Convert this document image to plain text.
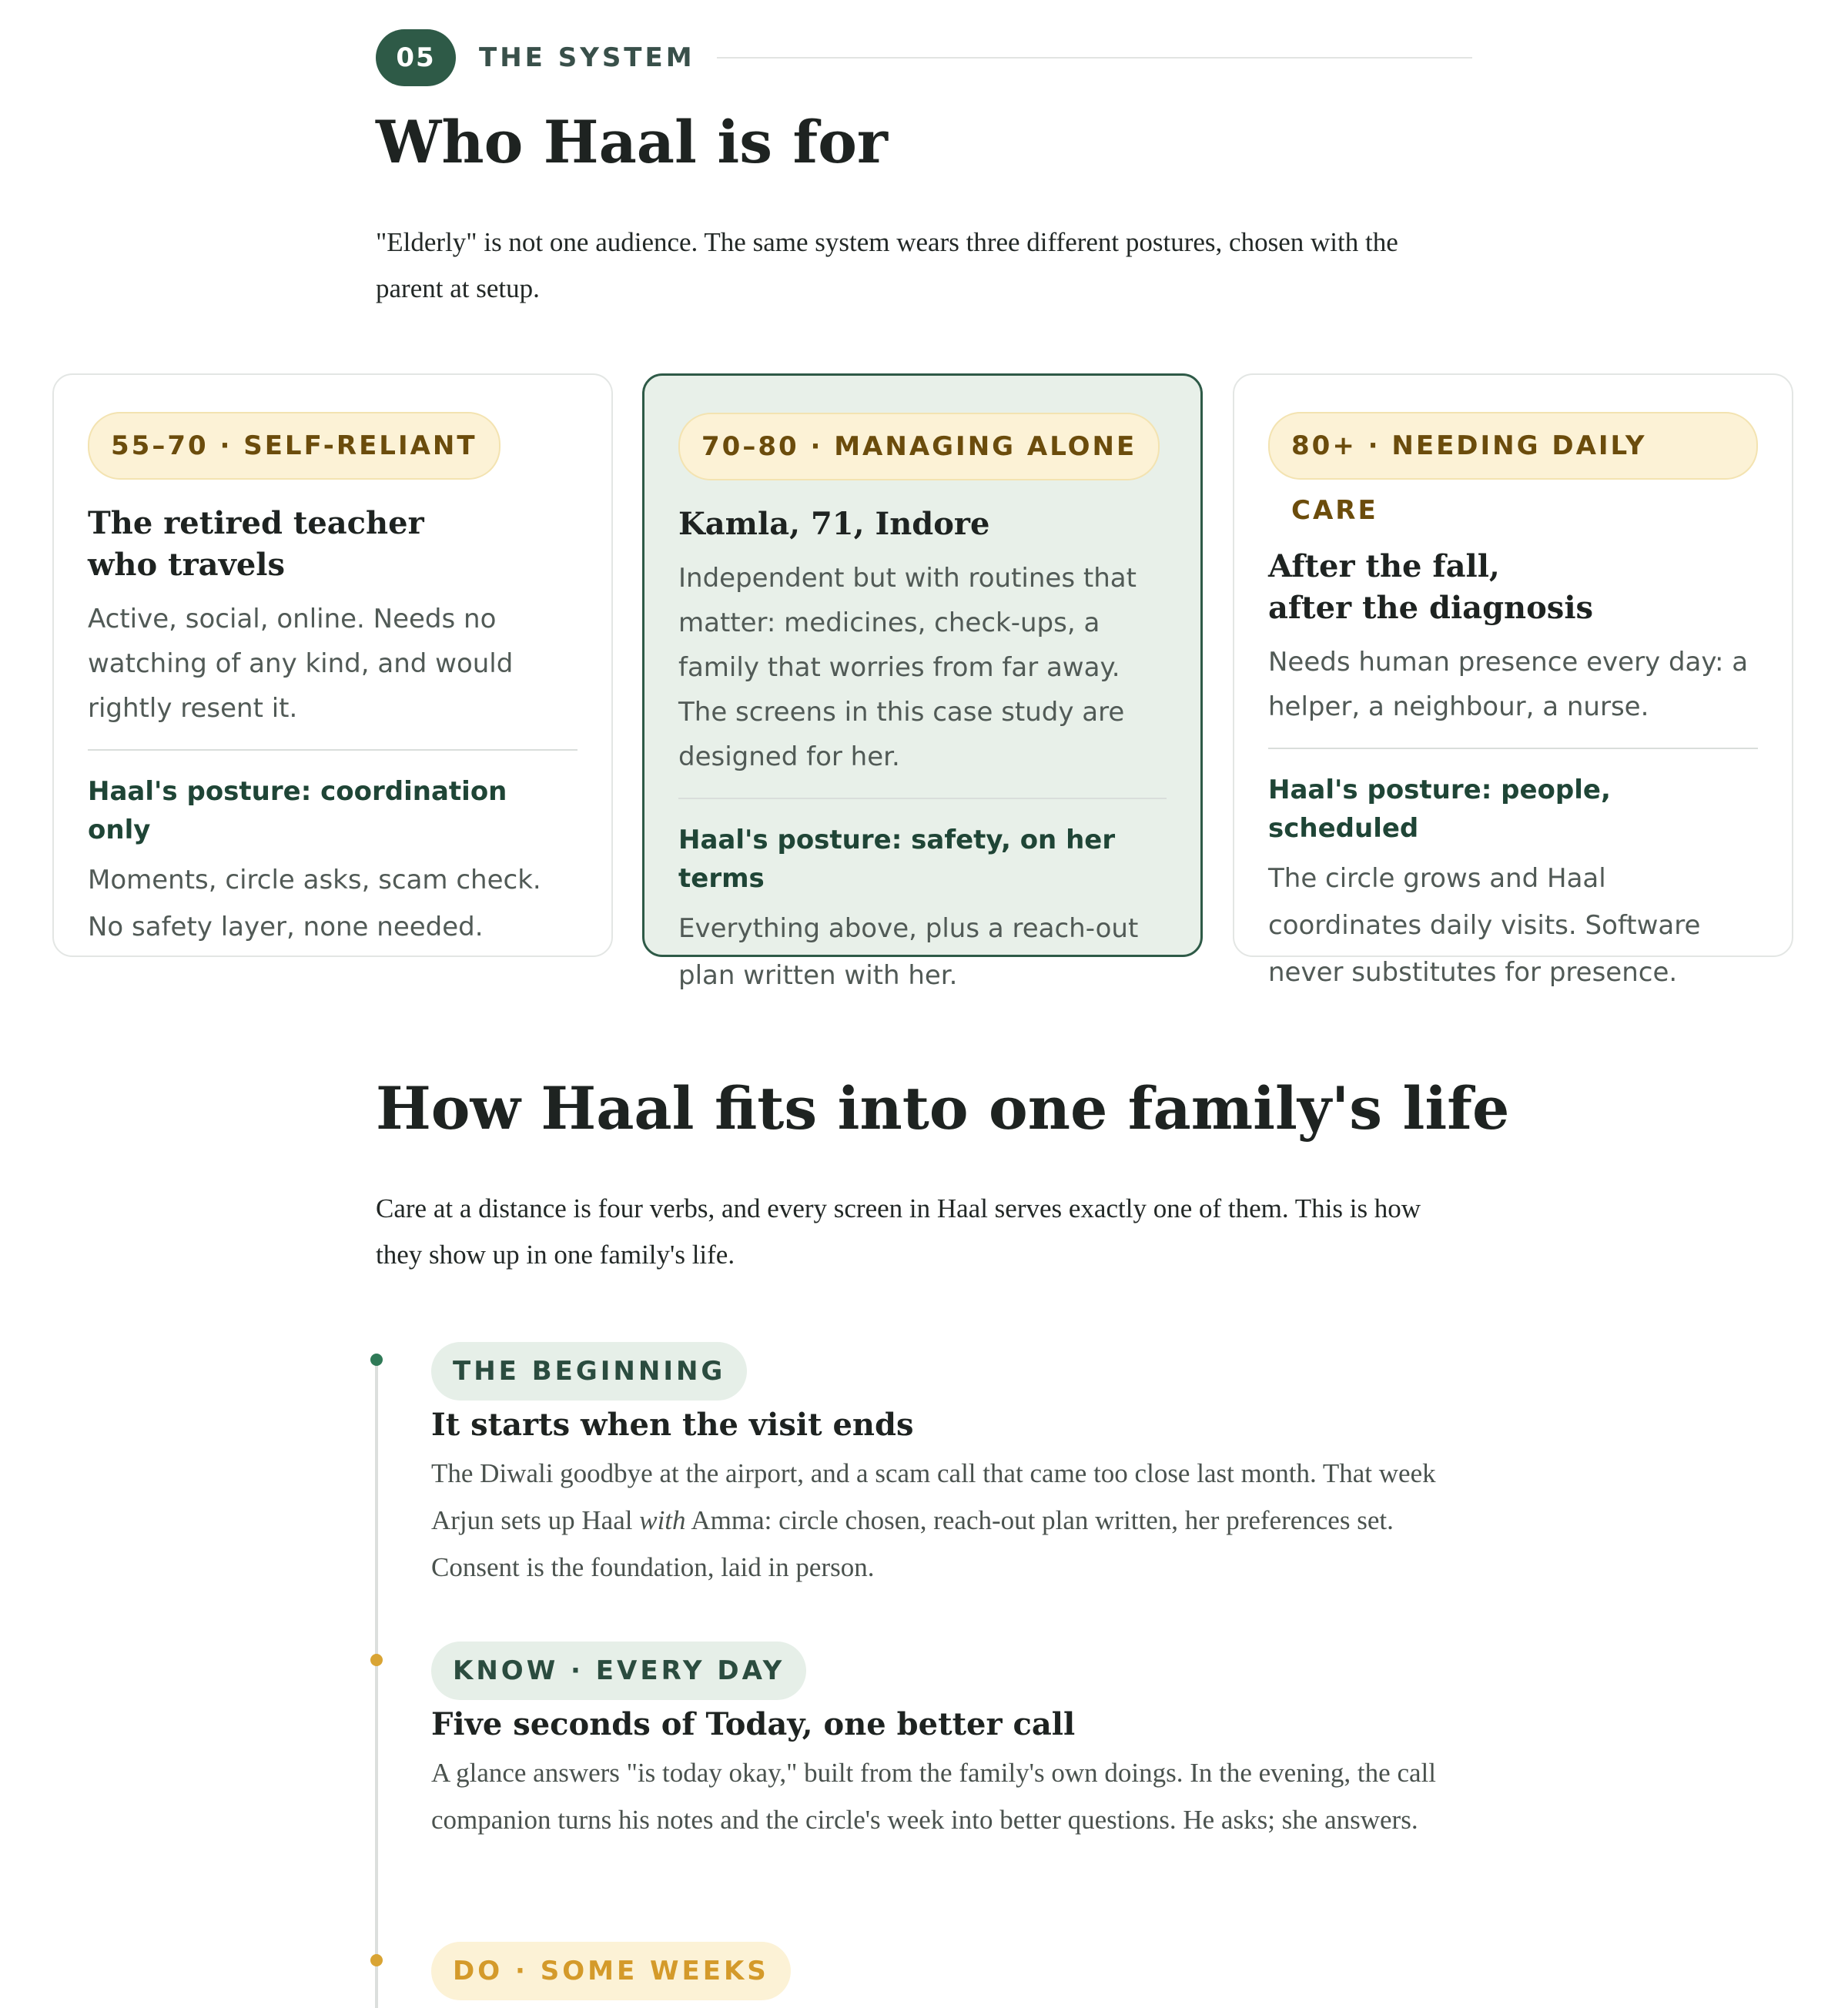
05	THE SYSTEM
Who Haal is for

"Elderly" is not one audience. The same system wears three different postures, chosen with the parent at setup.

55–70 · SELF-RELIANT
The retired teacher
who travels
Active, social, online. Needs no watching of any kind, and would rightly resent it.
Haal's posture: coordination only
Moments, circle asks, scam check. No safety layer, none needed.
70–80 · MANAGING ALONE
Kamla, 71, Indore
Independent but with routines that matter: medicines, check-ups, a family that worries from far away. The screens in this case study are designed for her.
Haal's posture: safety, on her terms
Everything above, plus a reach-out plan written with her.
80+ · NEEDING DAILY CARE
After the fall,
after the diagnosis
Needs human presence every day: a helper, a neighbour, a nurse.
Haal's posture: people, scheduled
The circle grows and Haal coordinates daily visits. Software never substitutes for presence.
How Haal fits into one family's life

Care at a distance is four verbs, and every screen in Haal serves exactly one of them. This is how they show up in one family's life.

THE BEGINNING
It starts when the visit ends
The Diwali goodbye at the airport, and a scam call that came too close last month. That week Arjun sets up Haal with Amma: circle chosen, reach-out plan written, her preferences set. Consent is the foundation, laid in person.
KNOW · EVERY DAY
Five seconds of Today, one better call
A glance answers "is today okay," built from the family's own doings. In the evening, the call companion turns his notes and the circle's week into better questions. He asks; she answers.
DO · SOME WEEKS
